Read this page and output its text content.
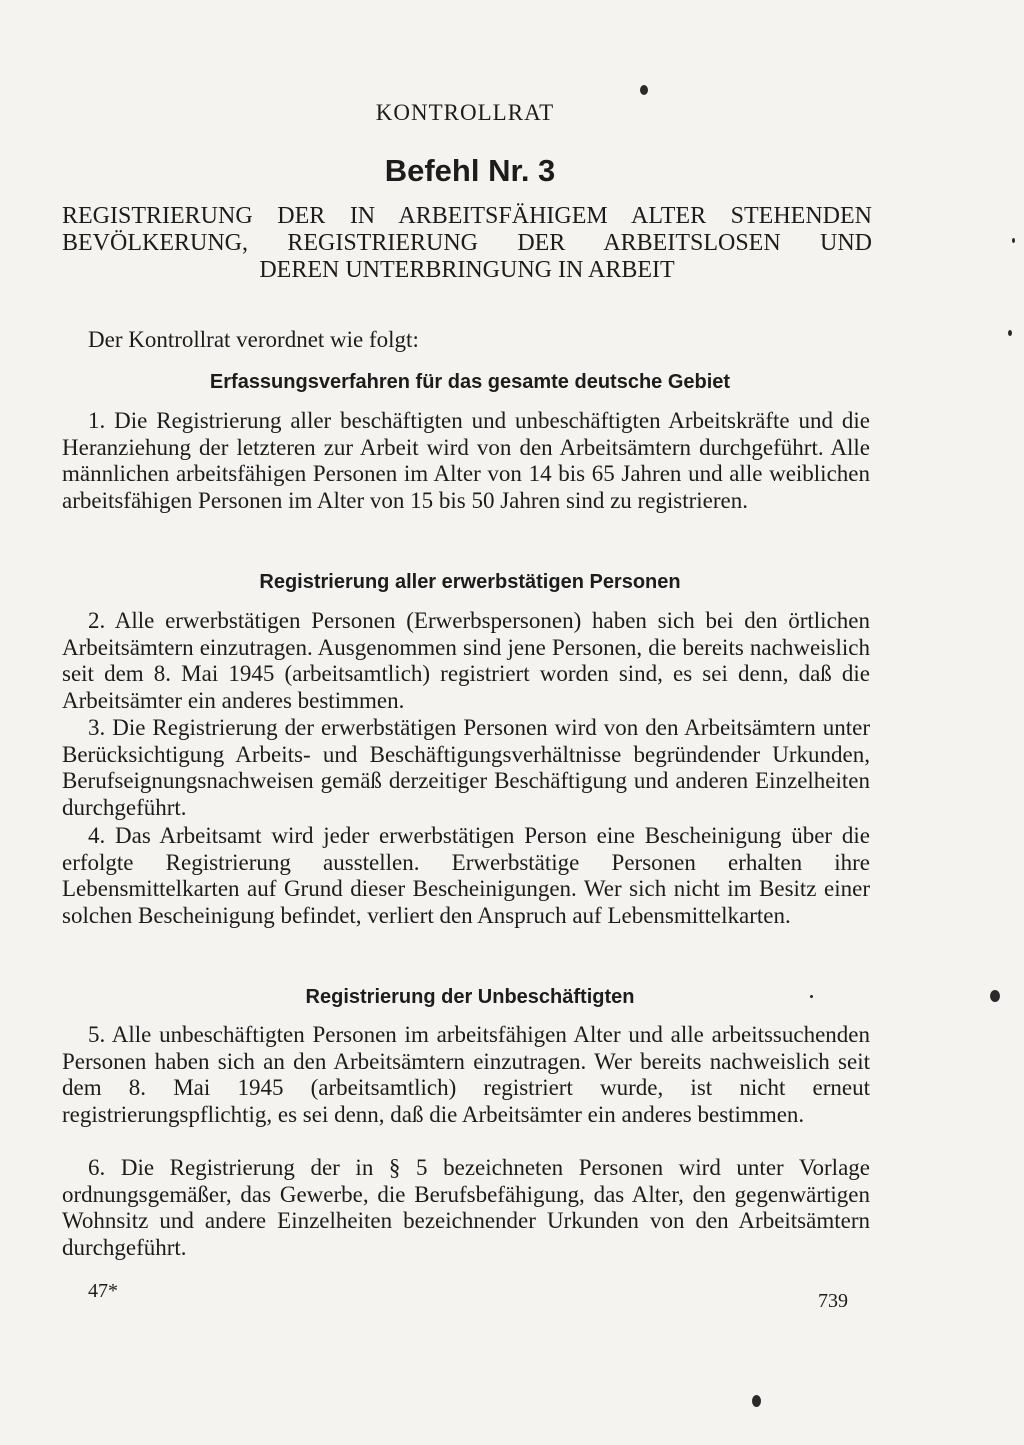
KONTROLLRAT
Befehl Nr. 3
REGISTRIERUNG DER IN ARBEITSFÄHIGEM ALTER STEHENDEN
BEVÖLKERUNG, REGISTRIERUNG DER ARBEITSLOSEN UND
DEREN UNTERBRINGUNG IN ARBEIT
Der Kontrollrat verordnet wie folgt:
Erfassungsverfahren für das gesamte deutsche Gebiet
1. Die Registrierung aller beschäftigten und unbeschäftigten Arbeitskräfte und die Heranziehung der letzteren zur Arbeit wird von den Arbeitsämtern durchgeführt. Alle männlichen arbeitsfähigen Personen im Alter von 14 bis 65 Jahren und alle weiblichen arbeitsfähigen Personen im Alter von 15 bis 50 Jahren sind zu registrieren.
Registrierung aller erwerbstätigen Personen
2. Alle erwerbstätigen Personen (Erwerbspersonen) haben sich bei den örtlichen Arbeitsämtern einzutragen. Ausgenommen sind jene Personen, die bereits nachweislich seit dem 8. Mai 1945 (arbeitsamtlich) registriert worden sind, es sei denn, daß die Arbeitsämter ein anderes bestimmen.
3. Die Registrierung der erwerbstätigen Personen wird von den Arbeitsämtern unter Berücksichtigung Arbeits- und Beschäftigungsverhältnisse begründender Urkunden, Berufseignungsnachweisen gemäß derzeitiger Beschäftigung und anderen Einzelheiten durchgeführt.
4. Das Arbeitsamt wird jeder erwerbstätigen Person eine Bescheinigung über die erfolgte Registrierung ausstellen. Erwerbstätige Personen erhalten ihre Lebensmittelkarten auf Grund dieser Bescheinigungen. Wer sich nicht im Besitz einer solchen Bescheinigung befindet, verliert den Anspruch auf Lebensmittelkarten.
Registrierung der Unbeschäftigten
5. Alle unbeschäftigten Personen im arbeitsfähigen Alter und alle arbeitssuchenden Personen haben sich an den Arbeitsämtern einzutragen. Wer bereits nachweislich seit dem 8. Mai 1945 (arbeitsamtlich) registriert wurde, ist nicht erneut registrierungspflichtig, es sei denn, daß die Arbeitsämter ein anderes bestimmen.
6. Die Registrierung der in § 5 bezeichneten Personen wird unter Vorlage ordnungsgemäßer, das Gewerbe, die Berufsbefähigung, das Alter, den gegenwärtigen Wohnsitz und andere Einzelheiten bezeichnender Urkunden von den Arbeitsämtern durchgeführt.
47*	739
